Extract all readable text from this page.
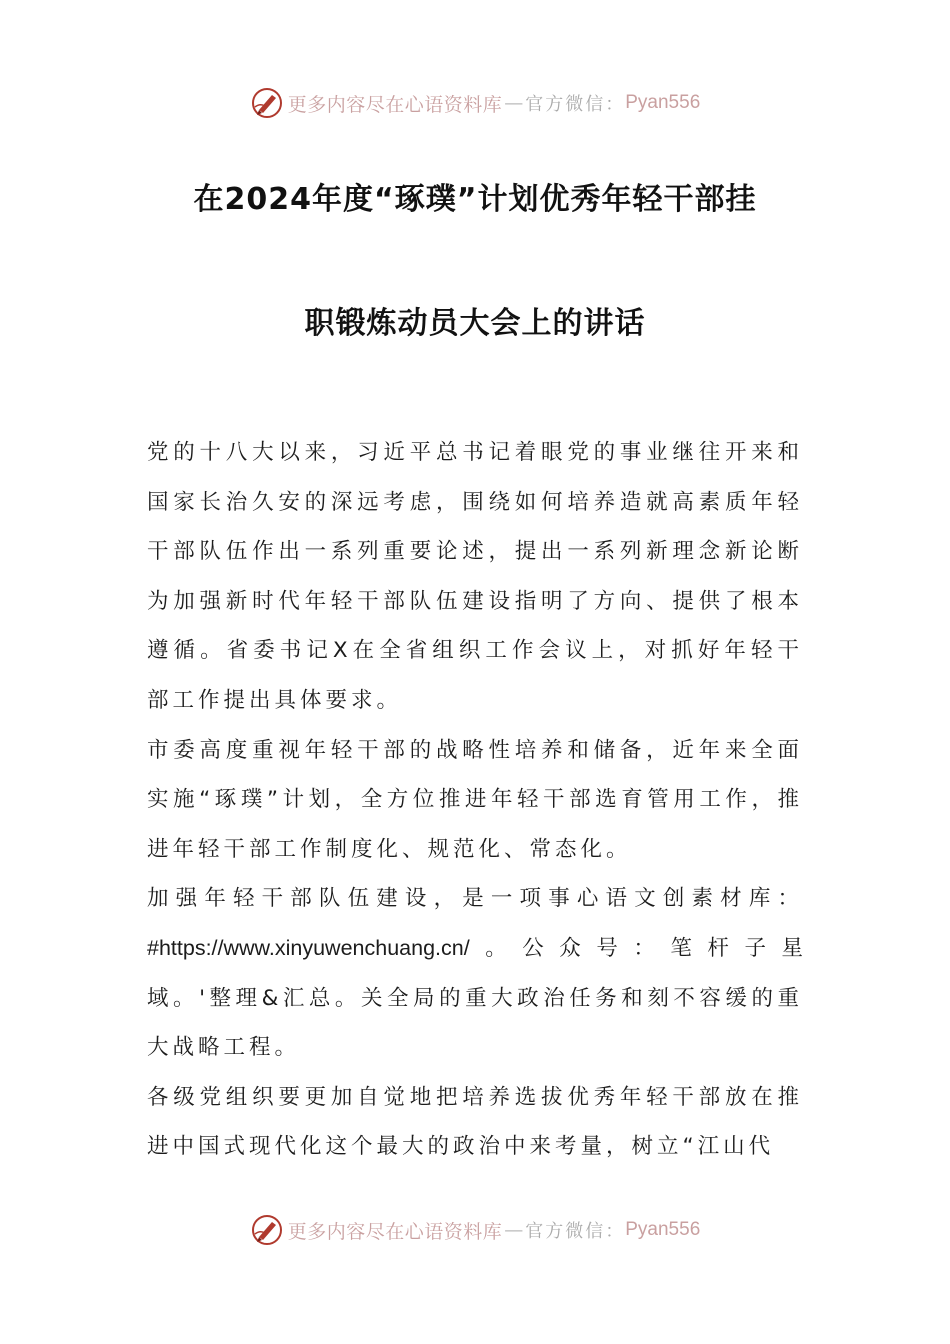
更多内容尽在心语资料库 — 官方微信： Pyan556
在2024年度“琢璞”计划优秀年轻干部挂
职锻炼动员大会上的讲话

党的十八大以来，习近平总书记着眼党的事业继往开来和国家长治久安的深远考虑，围绕如何培养造就高素质年轻干部队伍作出一系列重要论述，提出一系列新理念新论断为加强新时代年轻干部队伍建设指明了方向、提供了根本遵循。省委书记X在全省组织工作会议上，对抓好年轻干部工作提出具体要求。

市委高度重视年轻干部的战略性培养和储备，近年来全面实施“琢璞”计划，全方位推进年轻干部选育管用工作，推进年轻干部工作制度化、规范化、常态化。

加强年轻干部队伍建设，是一项事心语文创素材库：

#https://www.xinyuwenchuang.cn/。公众号：笔杆子星

域。'整理&汇总。关全局的重大政治任务和刻不容缓的重大战略工程。

各级党组织要更加自觉地把培养选拔优秀年轻干部放在推进中国式现代化这个最大的政治中来考量，树立“江山代

更多内容尽在心语资料库 — 官方微信： Pyan556
